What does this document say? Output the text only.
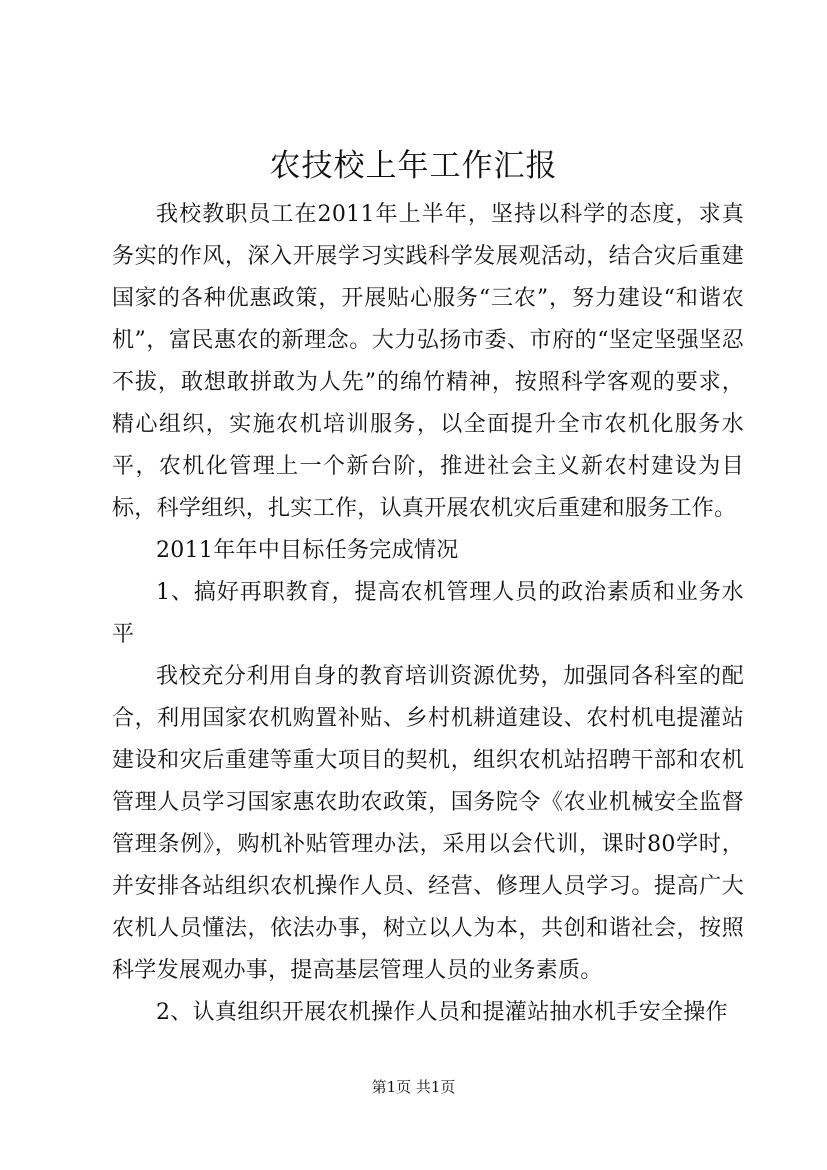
农技校上年工作汇报

我校教职员工在2011年上半年，坚持以科学的态度，求真务实的作风，深入开展学习实践科学发展观活动，结合灾后重建国家的各种优惠政策，开展贴心服务“三农”，努力建设“和谐农机”，富民惠农的新理念。大力弘扬市委、市府的“坚定坚强坚忍不拔，敢想敢拼敢为人先”的绵竹精神，按照科学客观的要求，精心组织，实施农机培训服务，以全面提升全市农机化服务水平，农机化管理上一个新台阶，推进社会主义新农村建设为目标，科学组织，扎实工作，认真开展农机灾后重建和服务工作。

2011年年中目标任务完成情况

1、搞好再职教育，提高农机管理人员的政治素质和业务水平

我校充分利用自身的教育培训资源优势，加强同各科室的配合，利用国家农机购置补贴、乡村机耕道建设、农村机电提灌站建设和灾后重建等重大项目的契机，组织农机站招聘干部和农机管理人员学习国家惠农助农政策，国务院令《农业机械安全监督管理条例》，购机补贴管理办法，采用以会代训，课时80学时，并安排各站组织农机操作人员、经营、修理人员学习。提高广大农机人员懂法，依法办事，树立以人为本，共创和谐社会，按照科学发展观办事，提高基层管理人员的业务素质。

2、认真组织开展农机操作人员和提灌站抽水机手安全操作

第1页 共1页
